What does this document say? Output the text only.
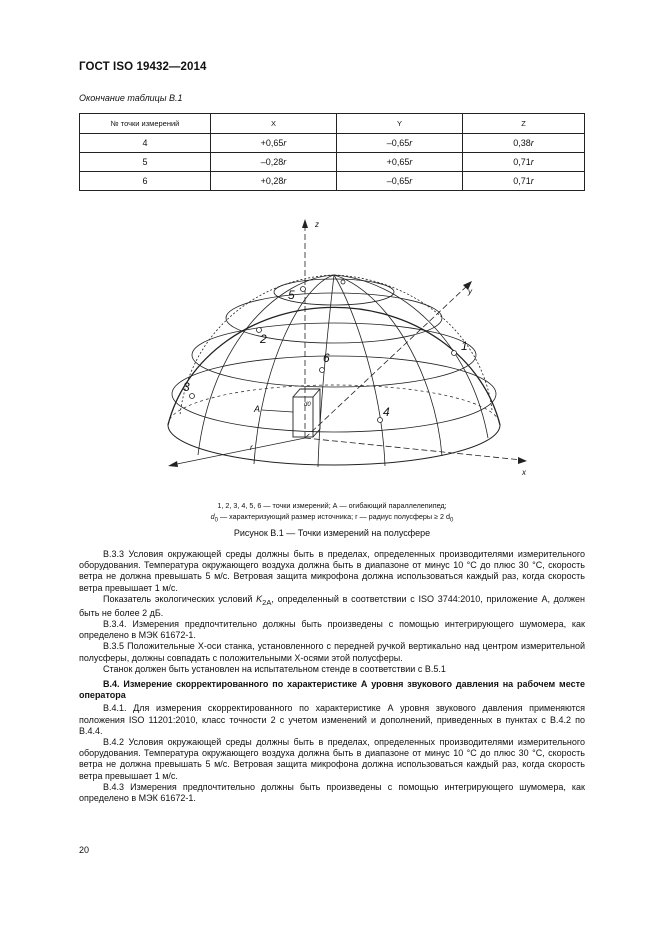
ГОСТ ISO 19432—2014
Окончание таблицы В.1
№ точки измерений	X	Y	Z
4	+0,65r	–0,65r	0,38r
5	–0,28r	+0,65r	0,71r
6	+0,28r	–0,65r	0,71r
z
y
x
r
A	d0
1
2
3
4
5
6
1, 2, 3, 4, 5, 6 — точки измерений; А — огибающий параллелепипед;
$d_0$ — характеризующий размер источника; r — радиус полусферы ≥ 2 $d_0$
Рисунок В.1 — Точки измерений на полусфере

В.3.3 Условия окружающей среды должны быть в пределах, определенных производителями измерительного оборудования. Температура окружающего воздуха должна быть в диапазоне от минус 10 °С до плюс 30 °С, скорость ветра не должна превышать 5 м/с. Ветровая защита микрофона должна использоваться каждый раз, когда скорость ветра превышает 1 м/с.

Показатель экологических условий $K_{2A}$, определенный в соответствии с ISO 3744:2010, приложение А, должен быть не более 2 дБ.

В.3.4. Измерения предпочтительно должны быть произведены с помощью интегрирующего шумомера, как определено в МЭК 61672-1.

В.3.5 Положительные X-оси станка, установленного с передней ручкой вертикально над центром измерительной полусферы, должны совпадать с положительными X-осями этой полусферы.

Станок должен быть установлен на испытательном стенде в соответствии с В.5.1

В.4. Измерение скорректированного по характеристике А уровня звукового давления на рабочем месте оператора

В.4.1. Для измерения скорректированного по характеристике А уровня звукового давления применяются положения ISO 11201:2010, класс точности 2 с учетом изменений и дополнений, приведенных в пунктах с В.4.2 по В.4.4.

В.4.2 Условия окружающей среды должны быть в пределах, определенных производителями измерительного оборудования. Температура окружающего воздуха должна быть в диапазоне от минус 10 °С до плюс 30 °С, скорость ветра не должна превышать 5 м/с. Ветровая защита микрофона должна использоваться каждый раз, когда скорость ветра превышает 1 м/с.

В.4.3 Измерения предпочтительно должны быть произведены с помощью интегрирующего шумомера, как определено в МЭК 61672-1.

20
